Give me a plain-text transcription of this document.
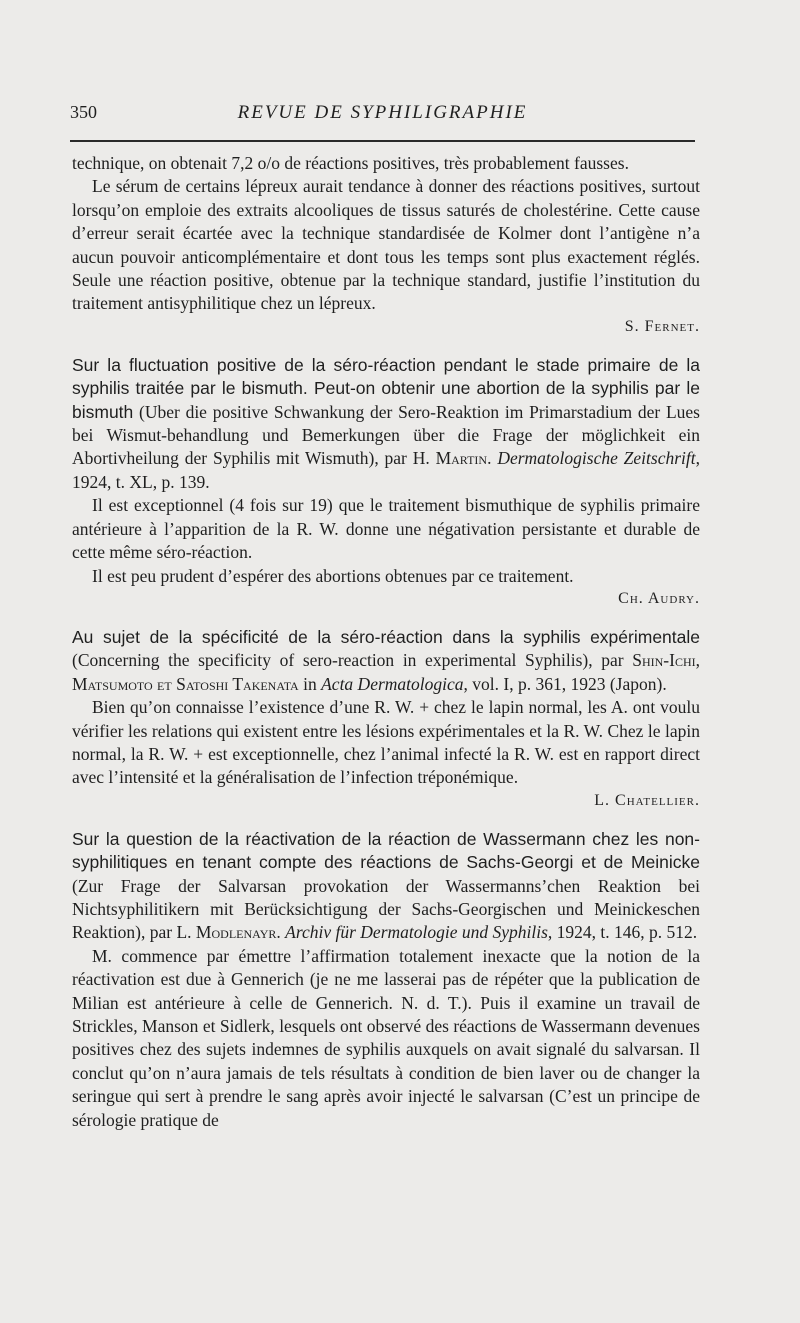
350	REVUE DE SYPHILIGRAPHIE

technique, on obtenait 7,2 o/o de réactions positives, très probablement fausses.

Le sérum de certains lépreux aurait tendance à donner des réactions positives, surtout lorsqu’on emploie des extraits alcooliques de tissus saturés de cholestérine. Cette cause d’erreur serait écartée avec la technique standardisée de Kolmer dont l’antigène n’a aucun pouvoir anticomplémentaire et dont tous les temps sont plus exactement réglés. Seule une réaction positive, obtenue par la technique standard, justifie l’institution du traitement antisyphilitique chez un lépreux.

S. Fernet.

Sur la fluctuation positive de la séro-réaction pendant le stade primaire de la syphilis traitée par le bismuth. Peut-on obtenir une abortion de la syphilis par le bismuth (Uber die positive Schwankung der Sero-Reaktion im Primarstadium der Lues bei Wismut-behandlung und Bemerkungen über die Frage der möglichkeit ein Abortivheilung der Syphilis mit Wismuth), par H. Martin. Dermatologische Zeitschrift, 1924, t. XL, p. 139.

Il est exceptionnel (4 fois sur 19) que le traitement bismuthique de syphilis primaire antérieure à l’apparition de la R. W. donne une négativation persistante et durable de cette même séro-réaction.

Il est peu prudent d’espérer des abortions obtenues par ce traitement.

Ch. Audry.

Au sujet de la spécificité de la séro-réaction dans la syphilis expérimentale (Concerning the specificity of sero-reaction in experimental Syphilis), par Shin-Ichi, Matsumoto et Satoshi Takenata in Acta Dermatologica, vol. I, p. 361, 1923 (Japon).

Bien qu’on connaisse l’existence d’une R. W. + chez le lapin normal, les A. ont voulu vérifier les relations qui existent entre les lésions expérimentales et la R. W. Chez le lapin normal, la R. W. + est exceptionnelle, chez l’animal infecté la R. W. est en rapport direct avec l’intensité et la généralisation de l’infection tréponémique.

L. Chatellier.

Sur la question de la réactivation de la réaction de Wassermann chez les non-syphilitiques en tenant compte des réactions de Sachs-Georgi et de Meinicke (Zur Frage der Salvarsan provokation der Wassermanns’chen Reaktion bei Nichtsyphilitikern mit Berücksichtigung der Sachs-Georgischen und Meinickeschen Reaktion), par L. Modlenayr. Archiv für Dermatologie und Syphilis, 1924, t. 146, p. 512.

M. commence par émettre l’affirmation totalement inexacte que la notion de la réactivation est due à Gennerich (je ne me lasserai pas de répéter que la publication de Milian est antérieure à celle de Gennerich. N. d. T.). Puis il examine un travail de Strickles, Manson et Sidlerk, lesquels ont observé des réactions de Wassermann devenues positives chez des sujets indemnes de syphilis auxquels on avait signalé du salvarsan. Il conclut qu’on n’aura jamais de tels résultats à condition de bien laver ou de changer la seringue qui sert à prendre le sang après avoir injecté le salvarsan (C’est un principe de sérologie pratique de
